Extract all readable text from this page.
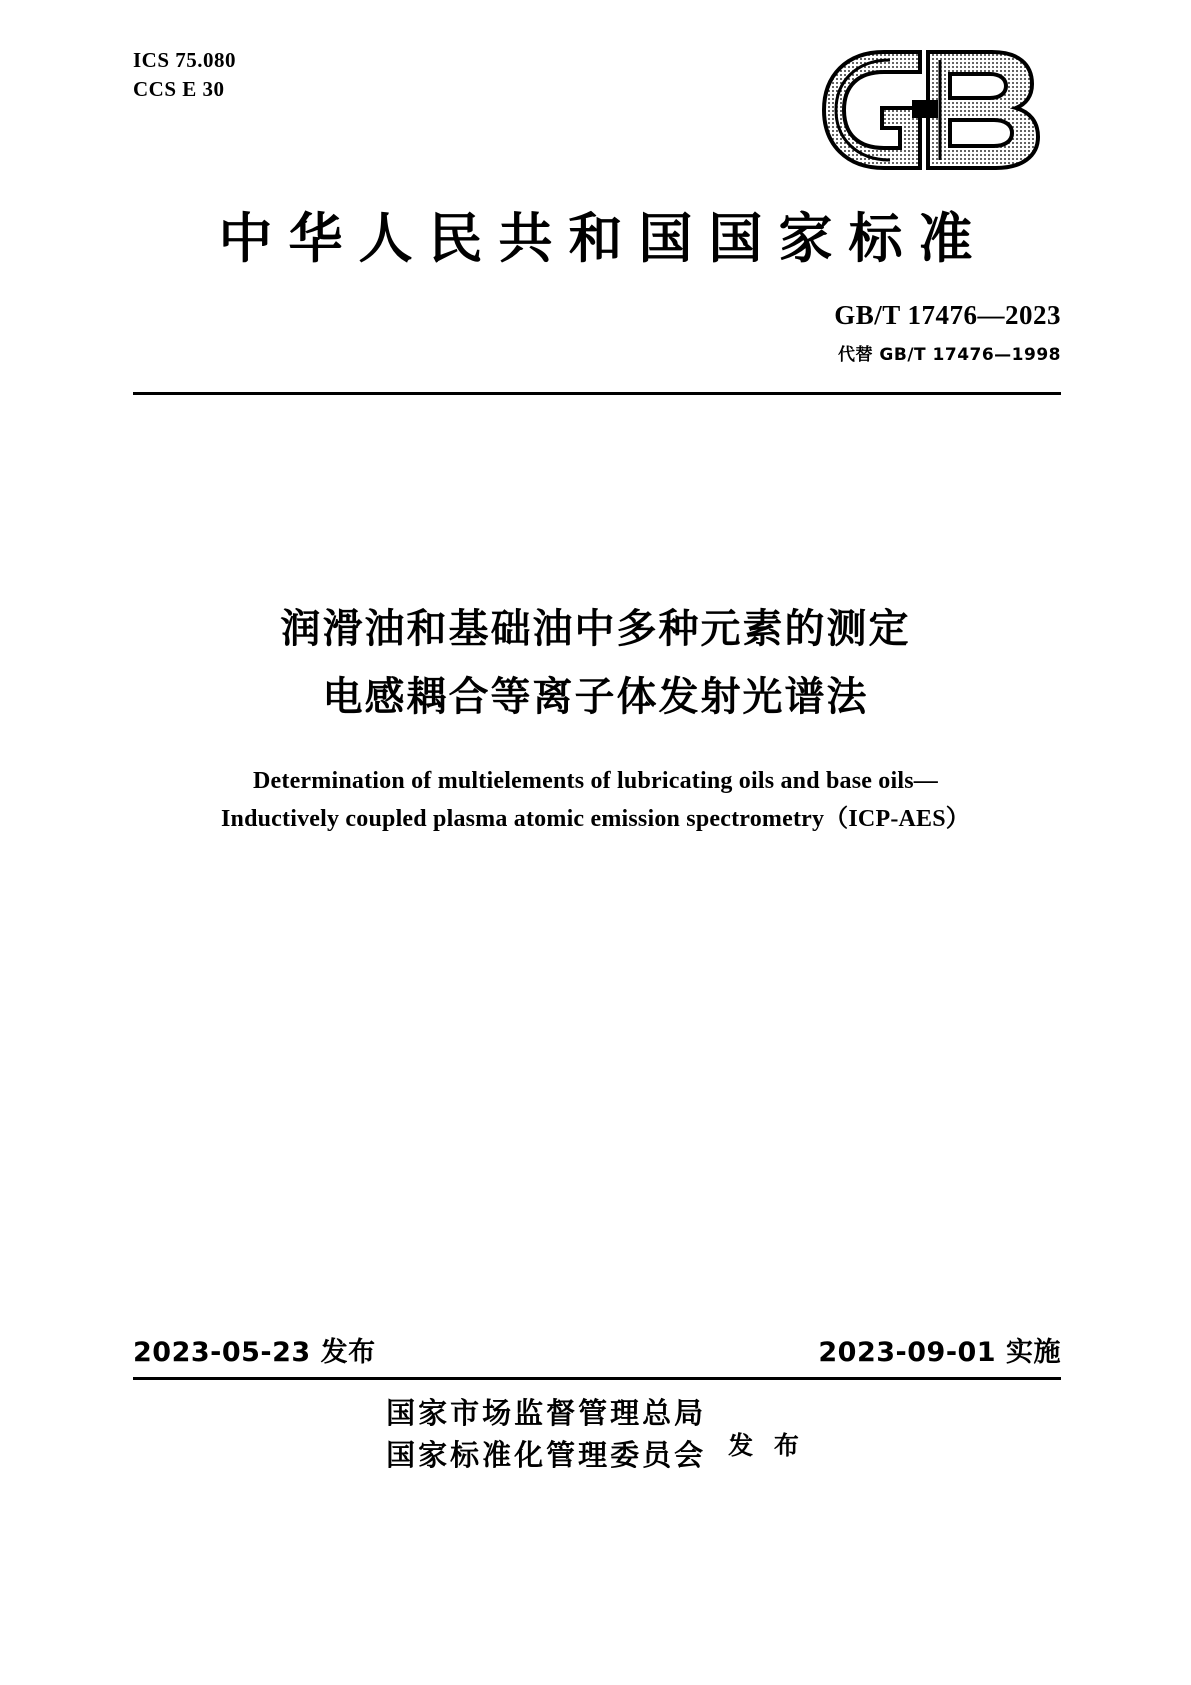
ICS 75.080
CCS E 30
中华人民共和国国家标准
GB/T 17476—2023
代替 GB/T 17476—1998
润滑油和基础油中多种元素的测定
电感耦合等离子体发射光谱法
Determination of multielements of lubricating oils and base oils—
Inductively coupled plasma atomic emission spectrometry（ICP-AES）
2023-05-23 发布	2023-09-01 实施
国家市场监督管理总局
国家标准化管理委员会 发 布
